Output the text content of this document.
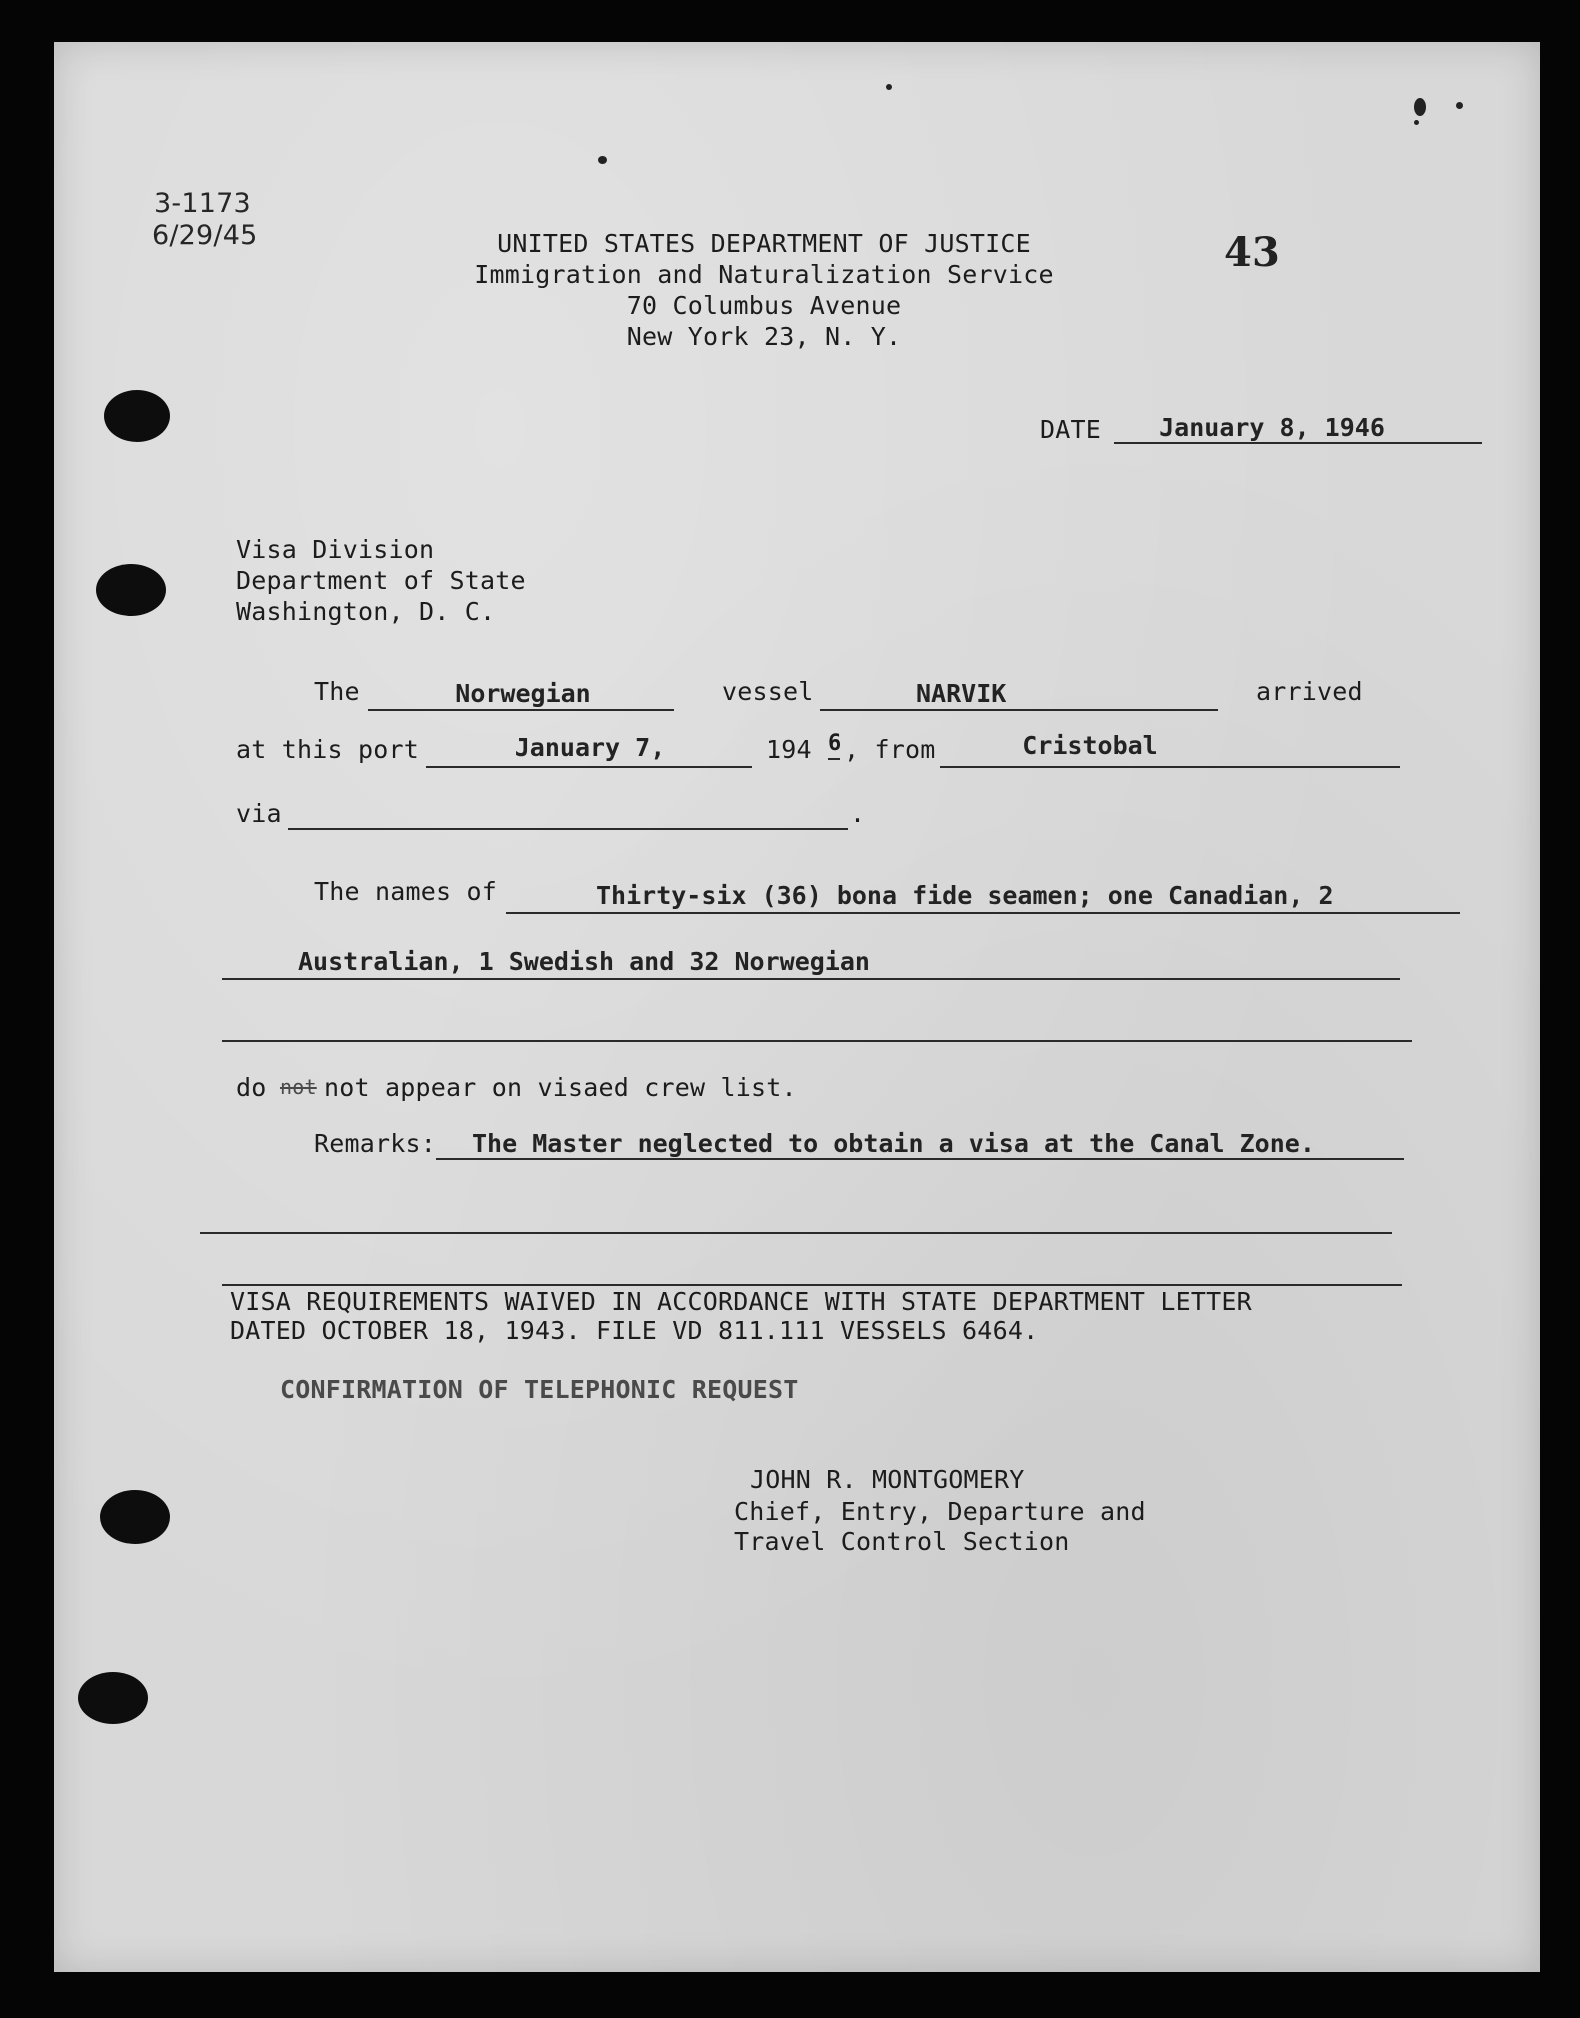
3-1173
6/29/45	43
UNITED STATES DEPARTMENT OF JUSTICE
Immigration and Naturalization Service
70 Columbus Avenue
New York 23, N. Y.
DATE	January 8, 1946
Visa Division
Department of State
Washington, D. C.
The	Norwegian	vessel	NARVIK	arrived
at this port	January 7,	194 6 , from	Cristobal
via	.
The names of	Thirty-six (36) bona fide seamen; one Canadian, 2
Australian, 1 Swedish and 32 Norwegian
do not not appear on visaed crew list.
Remarks:	The Master neglected to obtain a visa at the Canal Zone.
VISA REQUIREMENTS WAIVED IN ACCORDANCE WITH STATE DEPARTMENT LETTER
DATED OCTOBER 18, 1943. FILE VD 811.111 VESSELS 6464.
CONFIRMATION OF TELEPHONIC REQUEST
JOHN R. MONTGOMERY
Chief, Entry, Departure and
Travel Control Section
